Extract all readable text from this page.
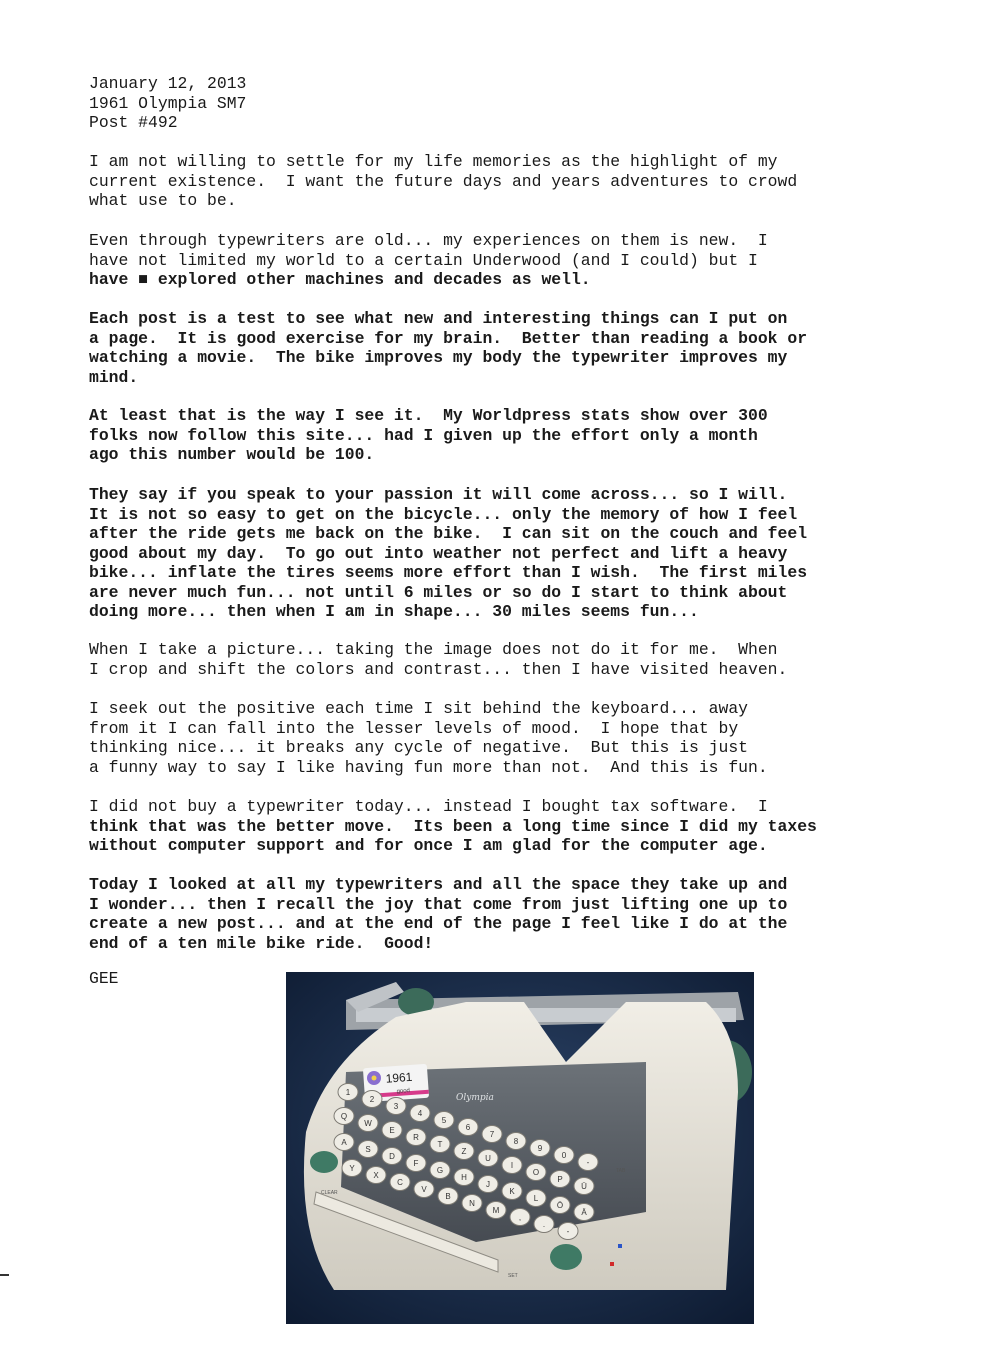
January 12, 2013
1961 Olympia SM7
Post #492
I am not willing to settle for my life memories as the highlight of my
current existence.  I want the future days and years adventures to crowd
what use to be.
Even through typewriters are old... my experiences on them is new.  I
have not limited my world to a certain Underwood (and I could) but I
have ■ explored other machines and decades as well.
Each post is a test to see what new and interesting things can I put on
a page.  It is good exercise for my brain.  Better than reading a book or
watching a movie.  The bike improves my body the typewriter improves my
mind.
At least that is the way I see it.  My Worldpress stats show over 300
folks now follow this site... had I given up the effort only a month
ago this number would be 100.
They say if you speak to your passion it will come across... so I will.
It is not so easy to get on the bicycle... only the memory of how I feel
after the ride gets me back on the bike.  I can sit on the couch and feel
good about my day.  To go out into weather not perfect and lift a heavy
bike... inflate the tires seems more effort than I wish.  The first miles
are never much fun... not until 6 miles or so do I start to think about
doing more... then when I am in shape... 30 miles seems fun...
When I take a picture... taking the image does not do it for me.  When
I crop and shift the colors and contrast... then I have visited heaven.
I seek out the positive each time I sit behind the keyboard... away
from it I can fall into the lesser levels of mood.  I hope that by
thinking nice... it breaks any cycle of negative.  But this is just
a funny way to say I like having fun more than not.  And this is fun.
I did not buy a typewriter today... instead I bought tax software.  I
think that was the better move.  Its been a long time since I did my taxes
without computer support and for once I am glad for the computer age.
Today I looked at all my typewriters and all the space they take up and
I wonder... then I recall the joy that come from just lifting one up to
create a new post... and at the end of the page I feel like I do at the
end of a ten mile bike ride.  Good!
GEE
1961
good
Olympia
1
2
3
4
5
6
7
8
9
0
-
Q
W
E
R
T
Z
U
I
O
P
Ü
A
S
D
F
G
H
J
K
L
Ö
Ä
Y
X
C
V
B
N
M
,
.
-
CLEAR
SET
TAB
